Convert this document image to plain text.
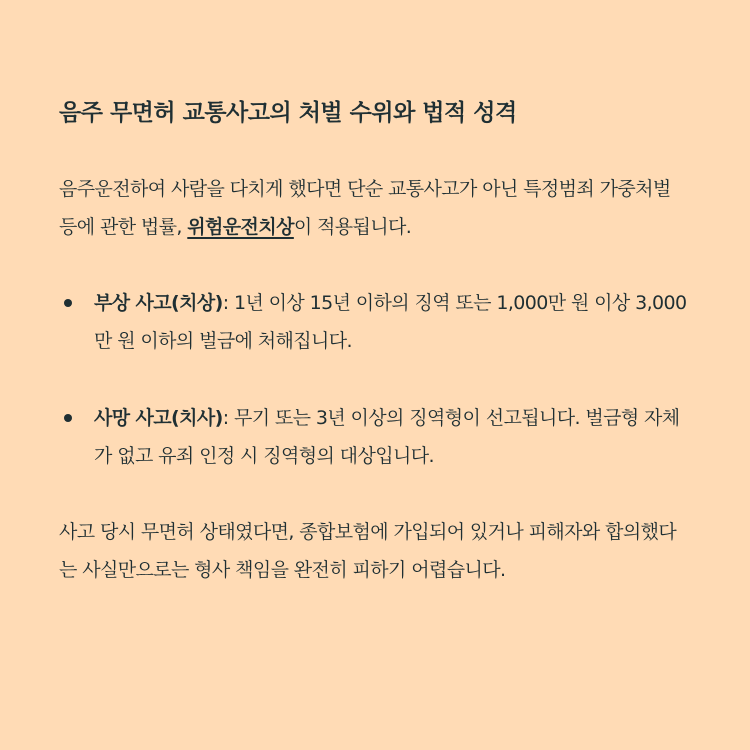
음주 무면허 교통사고의 처벌 수위와 법적 성격

음주운전하여 사람을 다치게 했다면 단순 교통사고가 아닌 특정범죄 가중처벌 등에 관한 법률, 위험운전치상이 적용됩니다.

부상 사고(치상): 1년 이상 15년 이하의 징역 또는 1,000만 원 이상 3,000만 원 이하의 벌금에 처해집니다.
사망 사고(치사): 무기 또는 3년 이상의 징역형이 선고됩니다. 벌금형 자체가 없고 유죄 인정 시 징역형의 대상입니다.

사고 당시 무면허 상태였다면, 종합보험에 가입되어 있거나 피해자와 합의했다는 사실만으로는 형사 책임을 완전히 피하기 어렵습니다.
